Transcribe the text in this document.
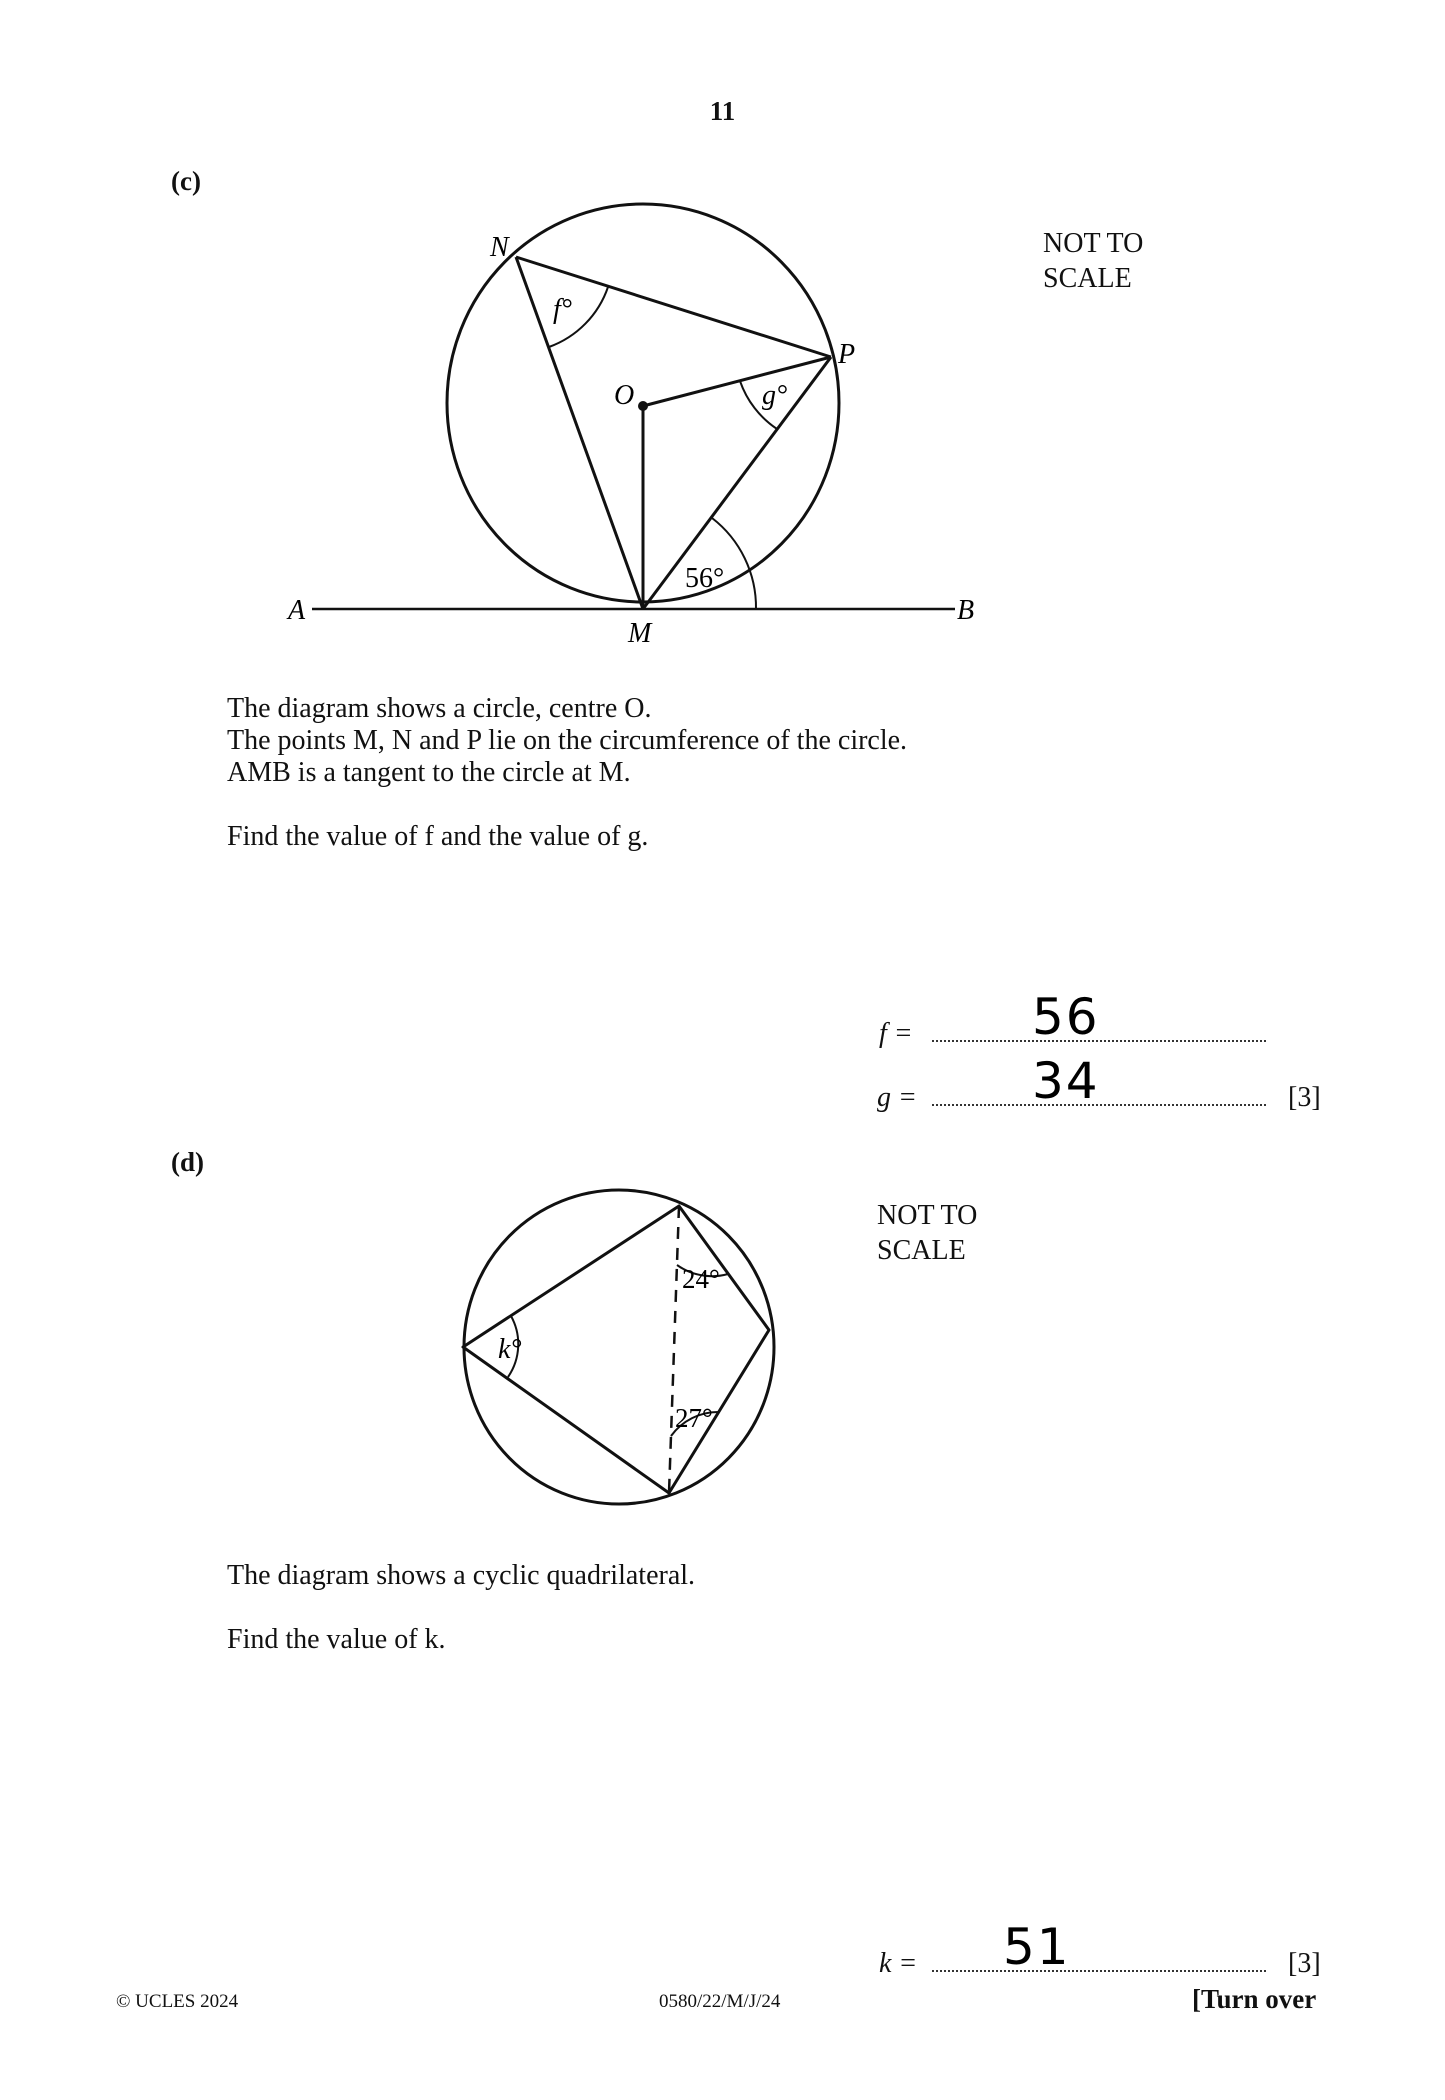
11
(c)
NOT TO
SCALE
N
P
O
M
A	B
f°
g°
56°
The diagram shows a circle, centre O.
The points M, N and P lie on the circumference of the circle.
AMB is a tangent to the circle at M.
Find the value of f and the value of g.
f = 56
g = 34	[3]
(d)
NOT TO
SCALE
k°
24°
27°
The diagram shows a cyclic quadrilateral.
Find the value of k.
k = 51	[3]
© UCLES 2024	0580/22/M/J/24	[Turn over
